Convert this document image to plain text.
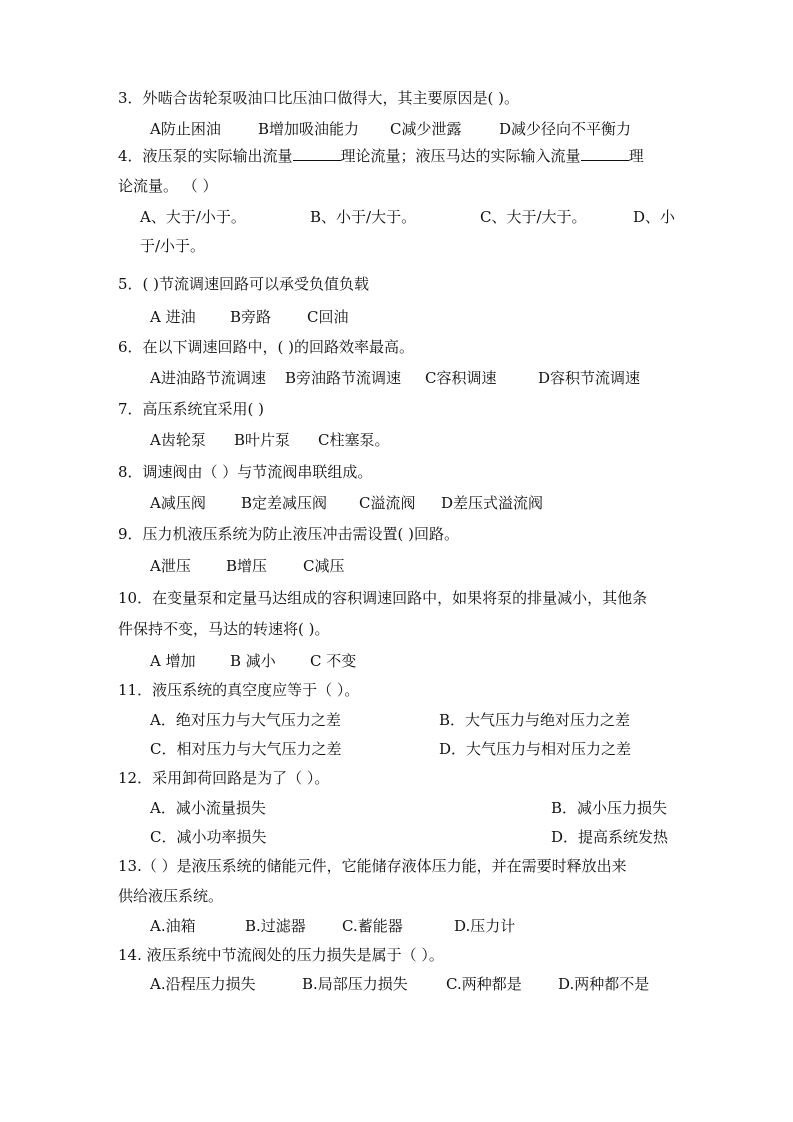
3．外啮合齿轮泵吸油口比压油口做得大，其主要原因是( )。
A防止困油 B增加吸油能力 C减少泄露	D减少径向不平衡力
4．液压泵的实际输出流量	理论流量；液压马达的实际输入流量	理
论流量。 （ ）
A、大于/小于。	B、小于/大于。	C、大于/大于。	D、小
于/小于。
5．( )节流调速回路可以承受负值负载
A 进油 B旁路 C回油
6．在以下调速回路中，( )的回路效率最高。
A进油路节流调速 B旁油路节流调速 C容积调速	D容积节流调速
7．高压系统宜采用( )
A齿轮泵 B叶片泵 C柱塞泵。
8．调速阀由（ ）与节流阀串联组成。
A减压阀 B定差减压阀 C溢流阀 D差压式溢流阀
9．压力机液压系统为防止液压冲击需设置( )回路。
A泄压 B增压 C减压
10．在变量泵和定量马达组成的容积调速回路中，如果将泵的排量减小，其他条
件保持不变，马达的转速将( )。
A 增加 B 减小 C 不变
11．液压系统的真空度应等于（ ）。
A．绝对压力与大气压力之差	B．大气压力与绝对压力之差
C．相对压力与大气压力之差	D．大气压力与相对压力之差
12．采用卸荷回路是为了（ ）。
A．减小流量损失	B．减小压力损失
C．减小功率损失	D．提高系统发热
13.（ ）是液压系统的储能元件，它能储存液体压力能，并在需要时释放出来
供给液压系统。
A.油箱	B.过滤器 C.蓄能器	D.压力计
14. 液压系统中节流阀处的压力损失是属于（ ）。
A.沿程压力损失	B.局部压力损失	C.两种都是 D.两种都不是
